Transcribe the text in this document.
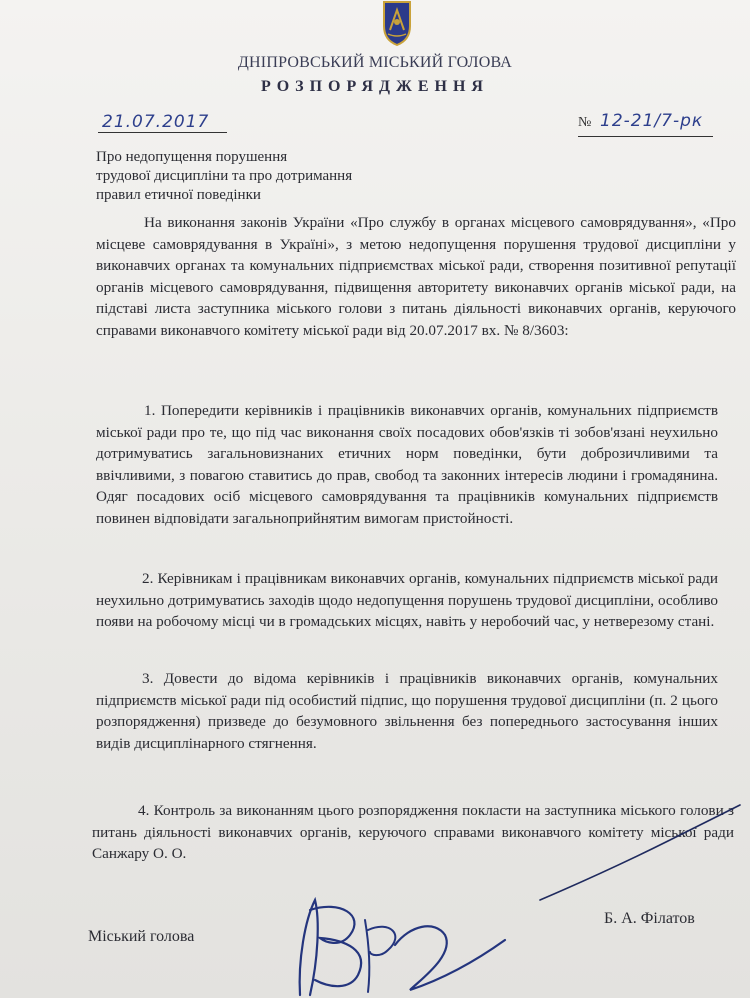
ДНІПРОВСЬКИЙ МІСЬКИЙ ГОЛОВА
РОЗПОРЯДЖЕННЯ
21.07.2017	№ 12-21/7-рк
Про недопущення порушення
трудової дисципліни та про дотримання
правил етичної поведінки
На виконання законів України «Про службу в органах місцевого самоврядування», «Про місцеве самоврядування в Україні», з метою недопущення порушення трудової дисципліни у виконавчих органах та комунальних підприємствах міської ради, створення позитивної репутації органів місцевого самоврядування, підвищення авторитету виконавчих органів міської ради, на підставі листа заступника міського голови з питань діяльності виконавчих органів, керуючого справами виконавчого комітету міської ради від 20.07.2017 вх. № 8/3603:
1. Попередити керівників і працівників виконавчих органів, комунальних підприємств міської ради про те, що під час виконання своїх посадових обов'язків ті зобов'язані неухильно дотримуватись загальновизнаних етичних норм поведінки, бути доброзичливими та ввічливими, з повагою ставитись до прав, свобод та законних інтересів людини і громадянина. Одяг посадових осіб місцевого самоврядування та працівників комунальних підприємств повинен відповідати загальноприйнятим вимогам пристойності.
2. Керівникам і працівникам виконавчих органів, комунальних підприємств міської ради неухильно дотримуватись заходів щодо недопущення порушень трудової дисципліни, особливо появи на робочому місці чи в громадських місцях, навіть у неробочий час, у нетверезому стані.
3. Довести до відома керівників і працівників виконавчих органів, комунальних підприємств міської ради під особистий підпис, що порушення трудової дисципліни (п. 2 цього розпорядження) призведе до безумовного звільнення без попереднього застосування інших видів дисциплінарного стягнення.
4. Контроль за виконанням цього розпорядження покласти на заступника міського голови з питань діяльності виконавчих органів, керуючого справами виконавчого комітету міської ради Санжару О. О.
Міський голова
Б. А. Філатов
